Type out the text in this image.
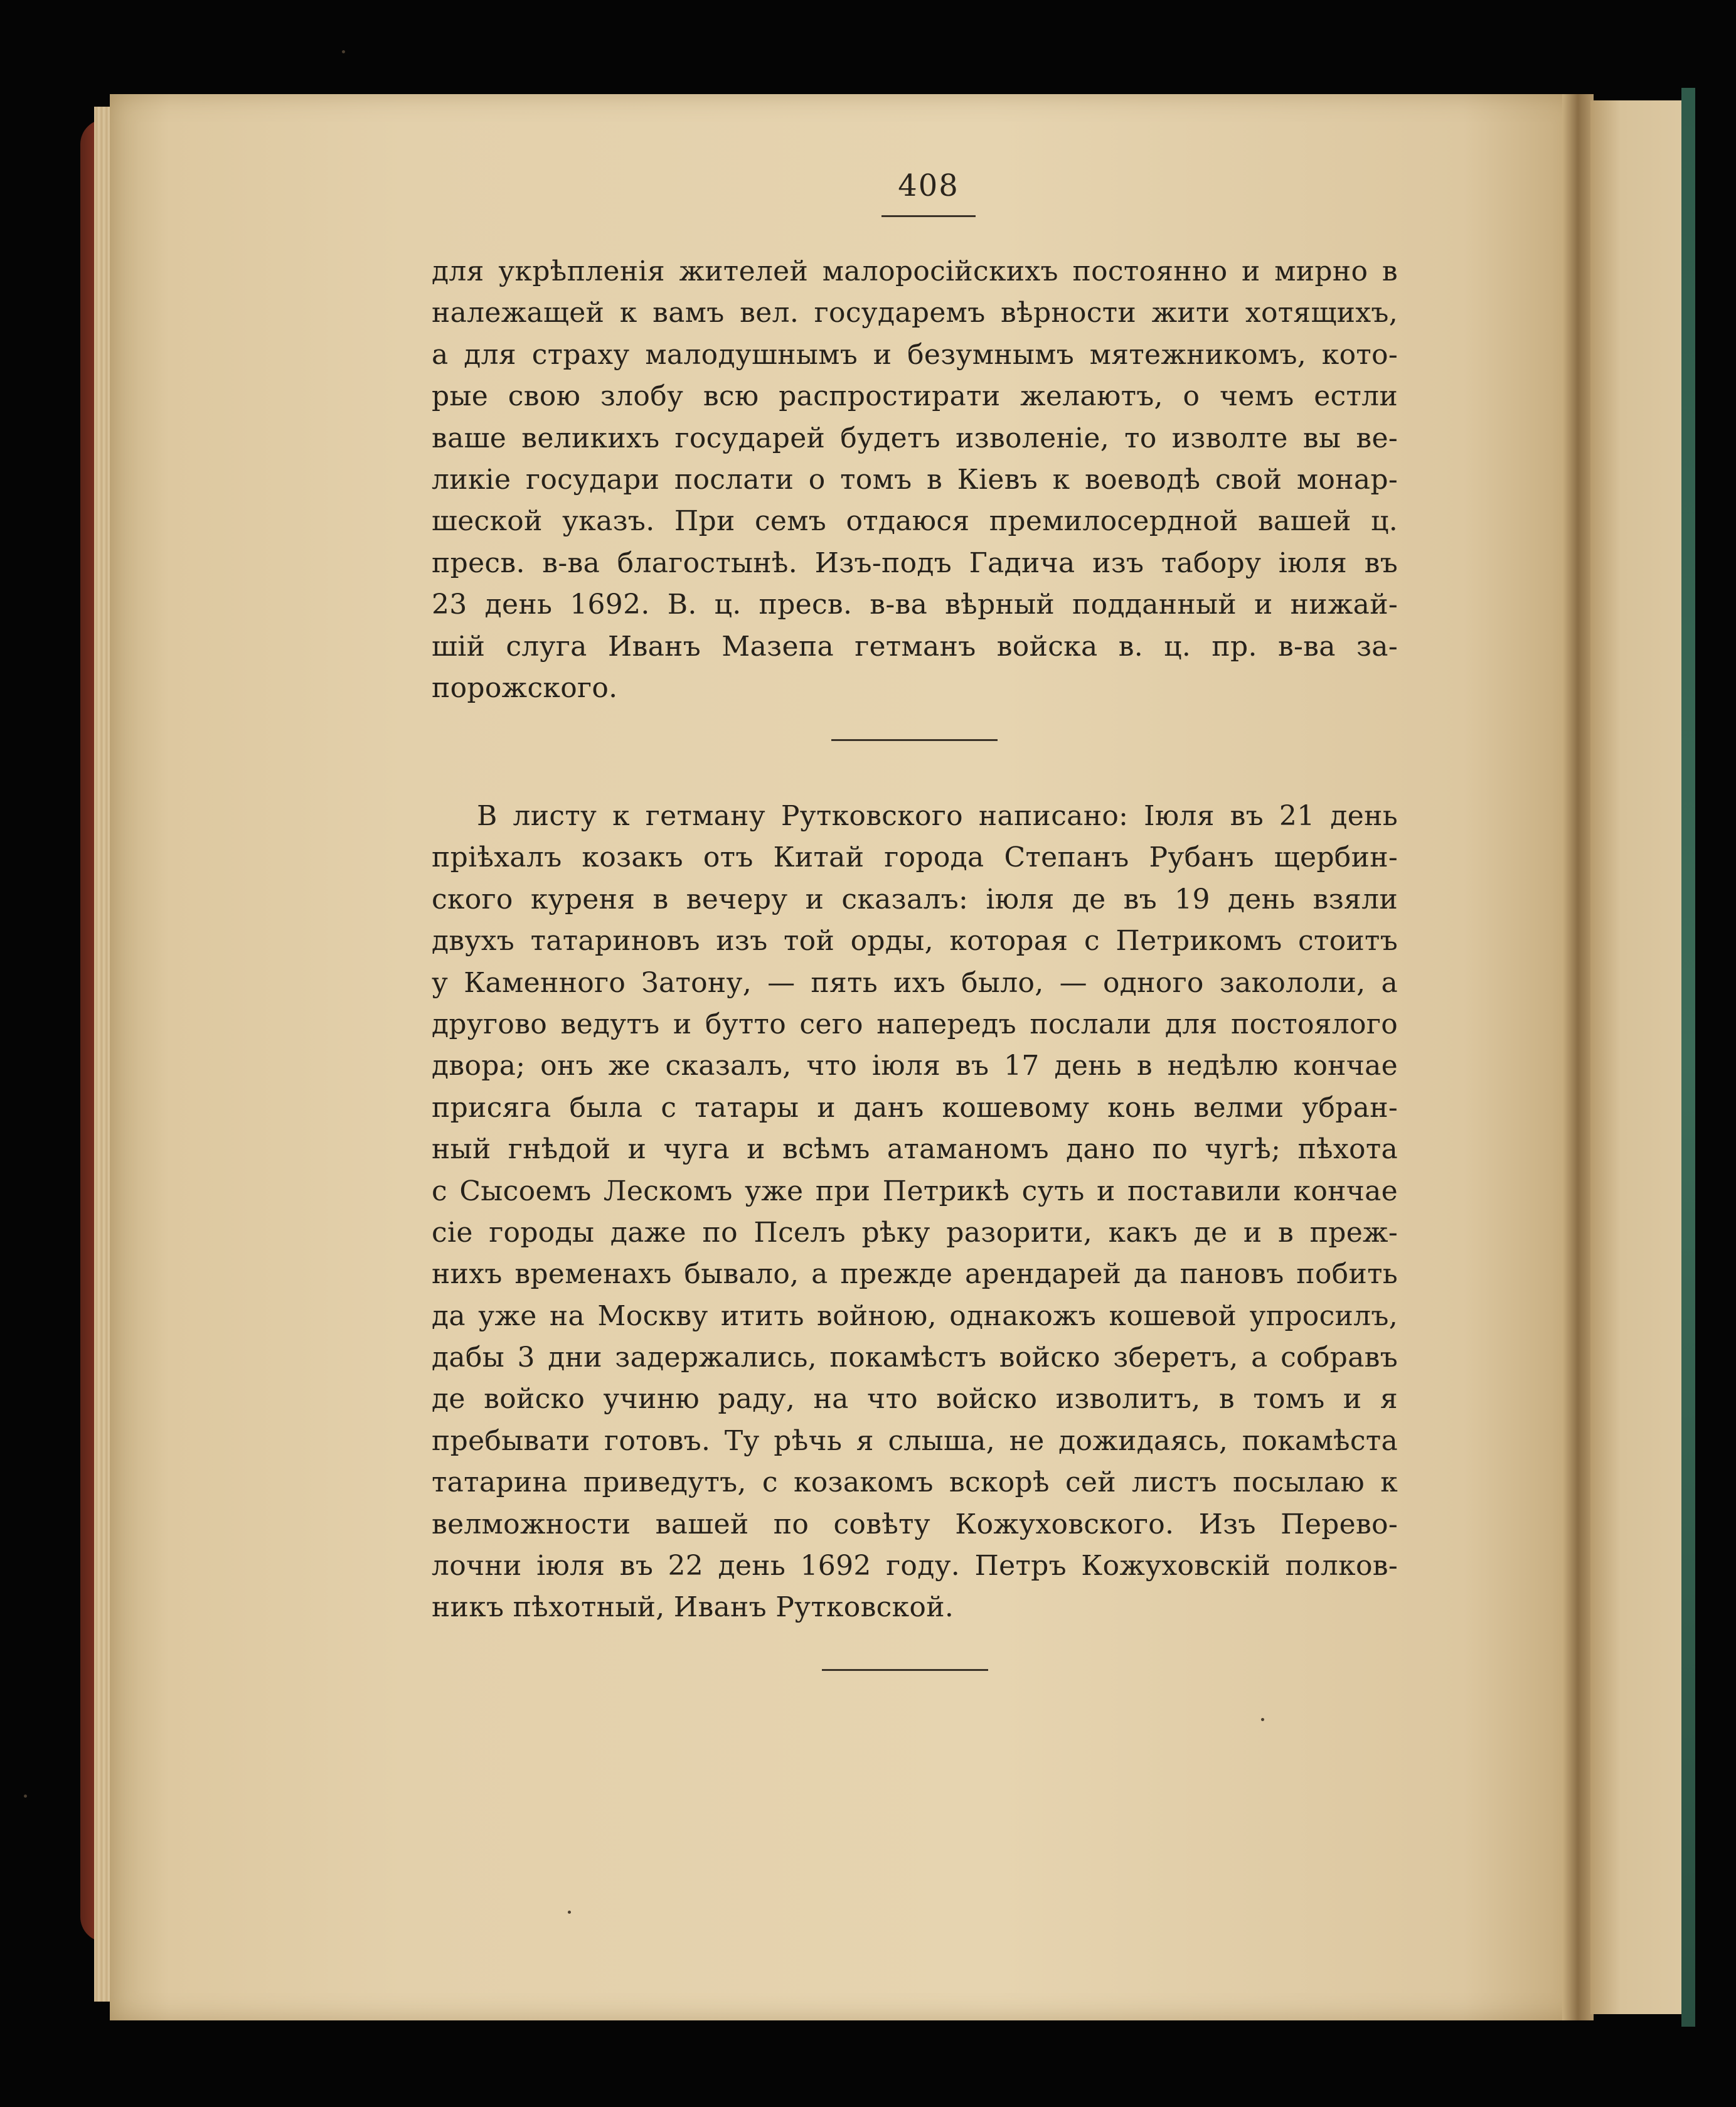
408
для укрѣпленія жителей малоросійскихъ постоянно и мирно в
належащей к вамъ вел. государемъ вѣрности жити хотящихъ,
а для страху малодушнымъ и безумнымъ мятежникомъ, кото-
рые свою злобу всю распростирати желаютъ, о чемъ естли
ваше великихъ государей будетъ изволеніе, то изволте вы ве-
ликіе государи послати о томъ в Кіевъ к воеводѣ свой монар-
шеской указъ. При семъ отдаюся премилосердной вашей ц.
пресв. в-ва благостынѣ. Изъ-подъ Гадича изъ табору іюля въ
23 день 1692. В. ц. пресв. в-ва вѣрный подданный и нижай-
шій слуга Иванъ Мазепа гетманъ войска в. ц. пр. в-ва за-
порожского.
В листу к гетману Рутковского написано: Іюля въ 21 день
пріѣхалъ козакъ отъ Китай города Степанъ Рубанъ щербин-
ского куреня в вечеру и сказалъ: іюля де въ 19 день взяли
двухъ татариновъ изъ той орды, которая с Петрикомъ стоитъ
у Каменного Затону, — пять ихъ было, — одного закололи, а
другово ведутъ и бутто сего напередъ послали для постоялого
двора; онъ же сказалъ, что іюля въ 17 день в недѣлю кончае
присяга была с татары и данъ кошевому конь велми убран-
ный гнѣдой и чуга и всѣмъ атаманомъ дано по чугѣ; пѣхота
с Сысоемъ Лескомъ уже при Петрикѣ суть и поставили кончае
сіе городы даже по Пселъ рѣку разорити, какъ де и в преж-
нихъ временахъ бывало, а прежде арендарей да пановъ побить
да уже на Москву итить войною, однакожъ кошевой упросилъ,
дабы 3 дни задержались, покамѣстъ войско зберетъ, а собравъ
де войско учиню раду, на что войско изволитъ, в томъ и я
пребывати готовъ. Ту рѣчь я слыша, не дожидаясь, покамѣста
татарина приведутъ, с козакомъ вскорѣ сей листъ посылаю к
велможности вашей по совѣту Кожуховского. Изъ Перево-
лочни іюля въ 22 день 1692 году. Петръ Кожуховскій полков-
никъ пѣхотный, Иванъ Рутковской.
